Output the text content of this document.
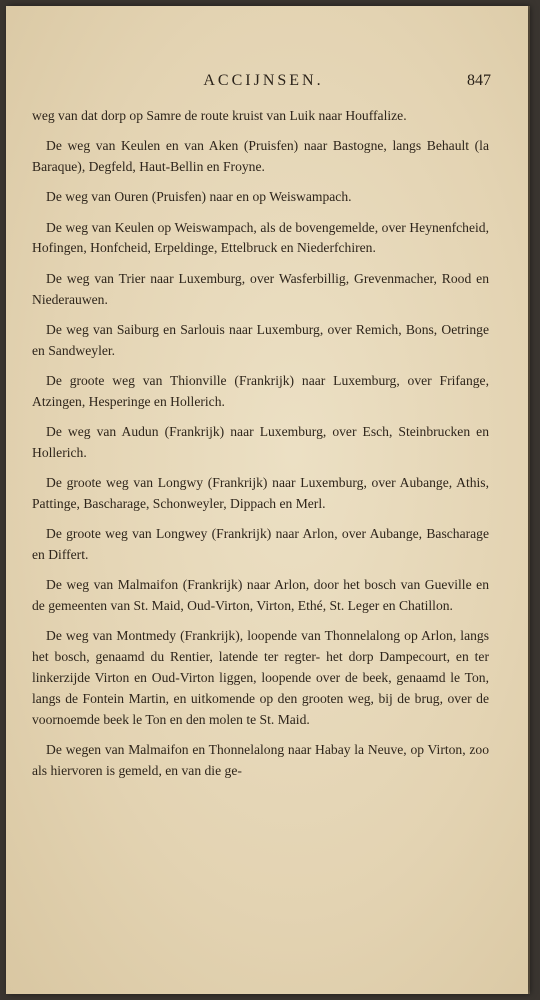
ACCIJNSEN.	847

weg van dat dorp op Samre de route kruist van Luik naar Houffalize.

De weg van Keulen en van Aken (Pruisfen) naar Bastogne, langs Behault (la Baraque), Degfeld, Haut-Bellin en Froyne.

De weg van Ouren (Pruisfen) naar en op Weiswampach.

De weg van Keulen op Weiswampach, als de bovengemelde, over Heynenfcheid, Hofingen, Honfcheid, Erpeldinge, Ettelbruck en Niederfchiren.

De weg van Trier naar Luxemburg, over Wasferbillig, Grevenmacher, Rood en Niederauwen.

De weg van Saiburg en Sarlouis naar Luxemburg, over Remich, Bons, Oetringe en Sandweyler.

De groote weg van Thionville (Frankrijk) naar Luxemburg, over Frifange, Atzingen, Hesperinge en Hollerich.

De weg van Audun (Frankrijk) naar Luxemburg, over Esch, Steinbrucken en Hollerich.

De groote weg van Longwy (Frankrijk) naar Luxemburg, over Aubange, Athis, Pattinge, Bascharage, Schonweyler, Dippach en Merl.

De groote weg van Longwey (Frankrijk) naar Arlon, over Aubange, Bascharage en Differt.

De weg van Malmaifon (Frankrijk) naar Arlon, door het bosch van Gueville en de gemeenten van St. Maid, Oud-Virton, Virton, Ethé, St. Leger en Chatillon.

De weg van Montmedy (Frankrijk), loopende van Thonnelalong op Arlon, langs het bosch, genaamd du Rentier, latende ter regter- het dorp Dampecourt, en ter linkerzijde Virton en Oud-Virton liggen, loopende over de beek, genaamd le Ton, langs de Fontein Martin, en uitkomende op den grooten weg, bij de brug, over de voornoemde beek le Ton en den molen te St. Maid.

De wegen van Malmaifon en Thonnelalong naar Habay la Neuve, op Virton, zoo als hiervoren is gemeld, en van die ge-
